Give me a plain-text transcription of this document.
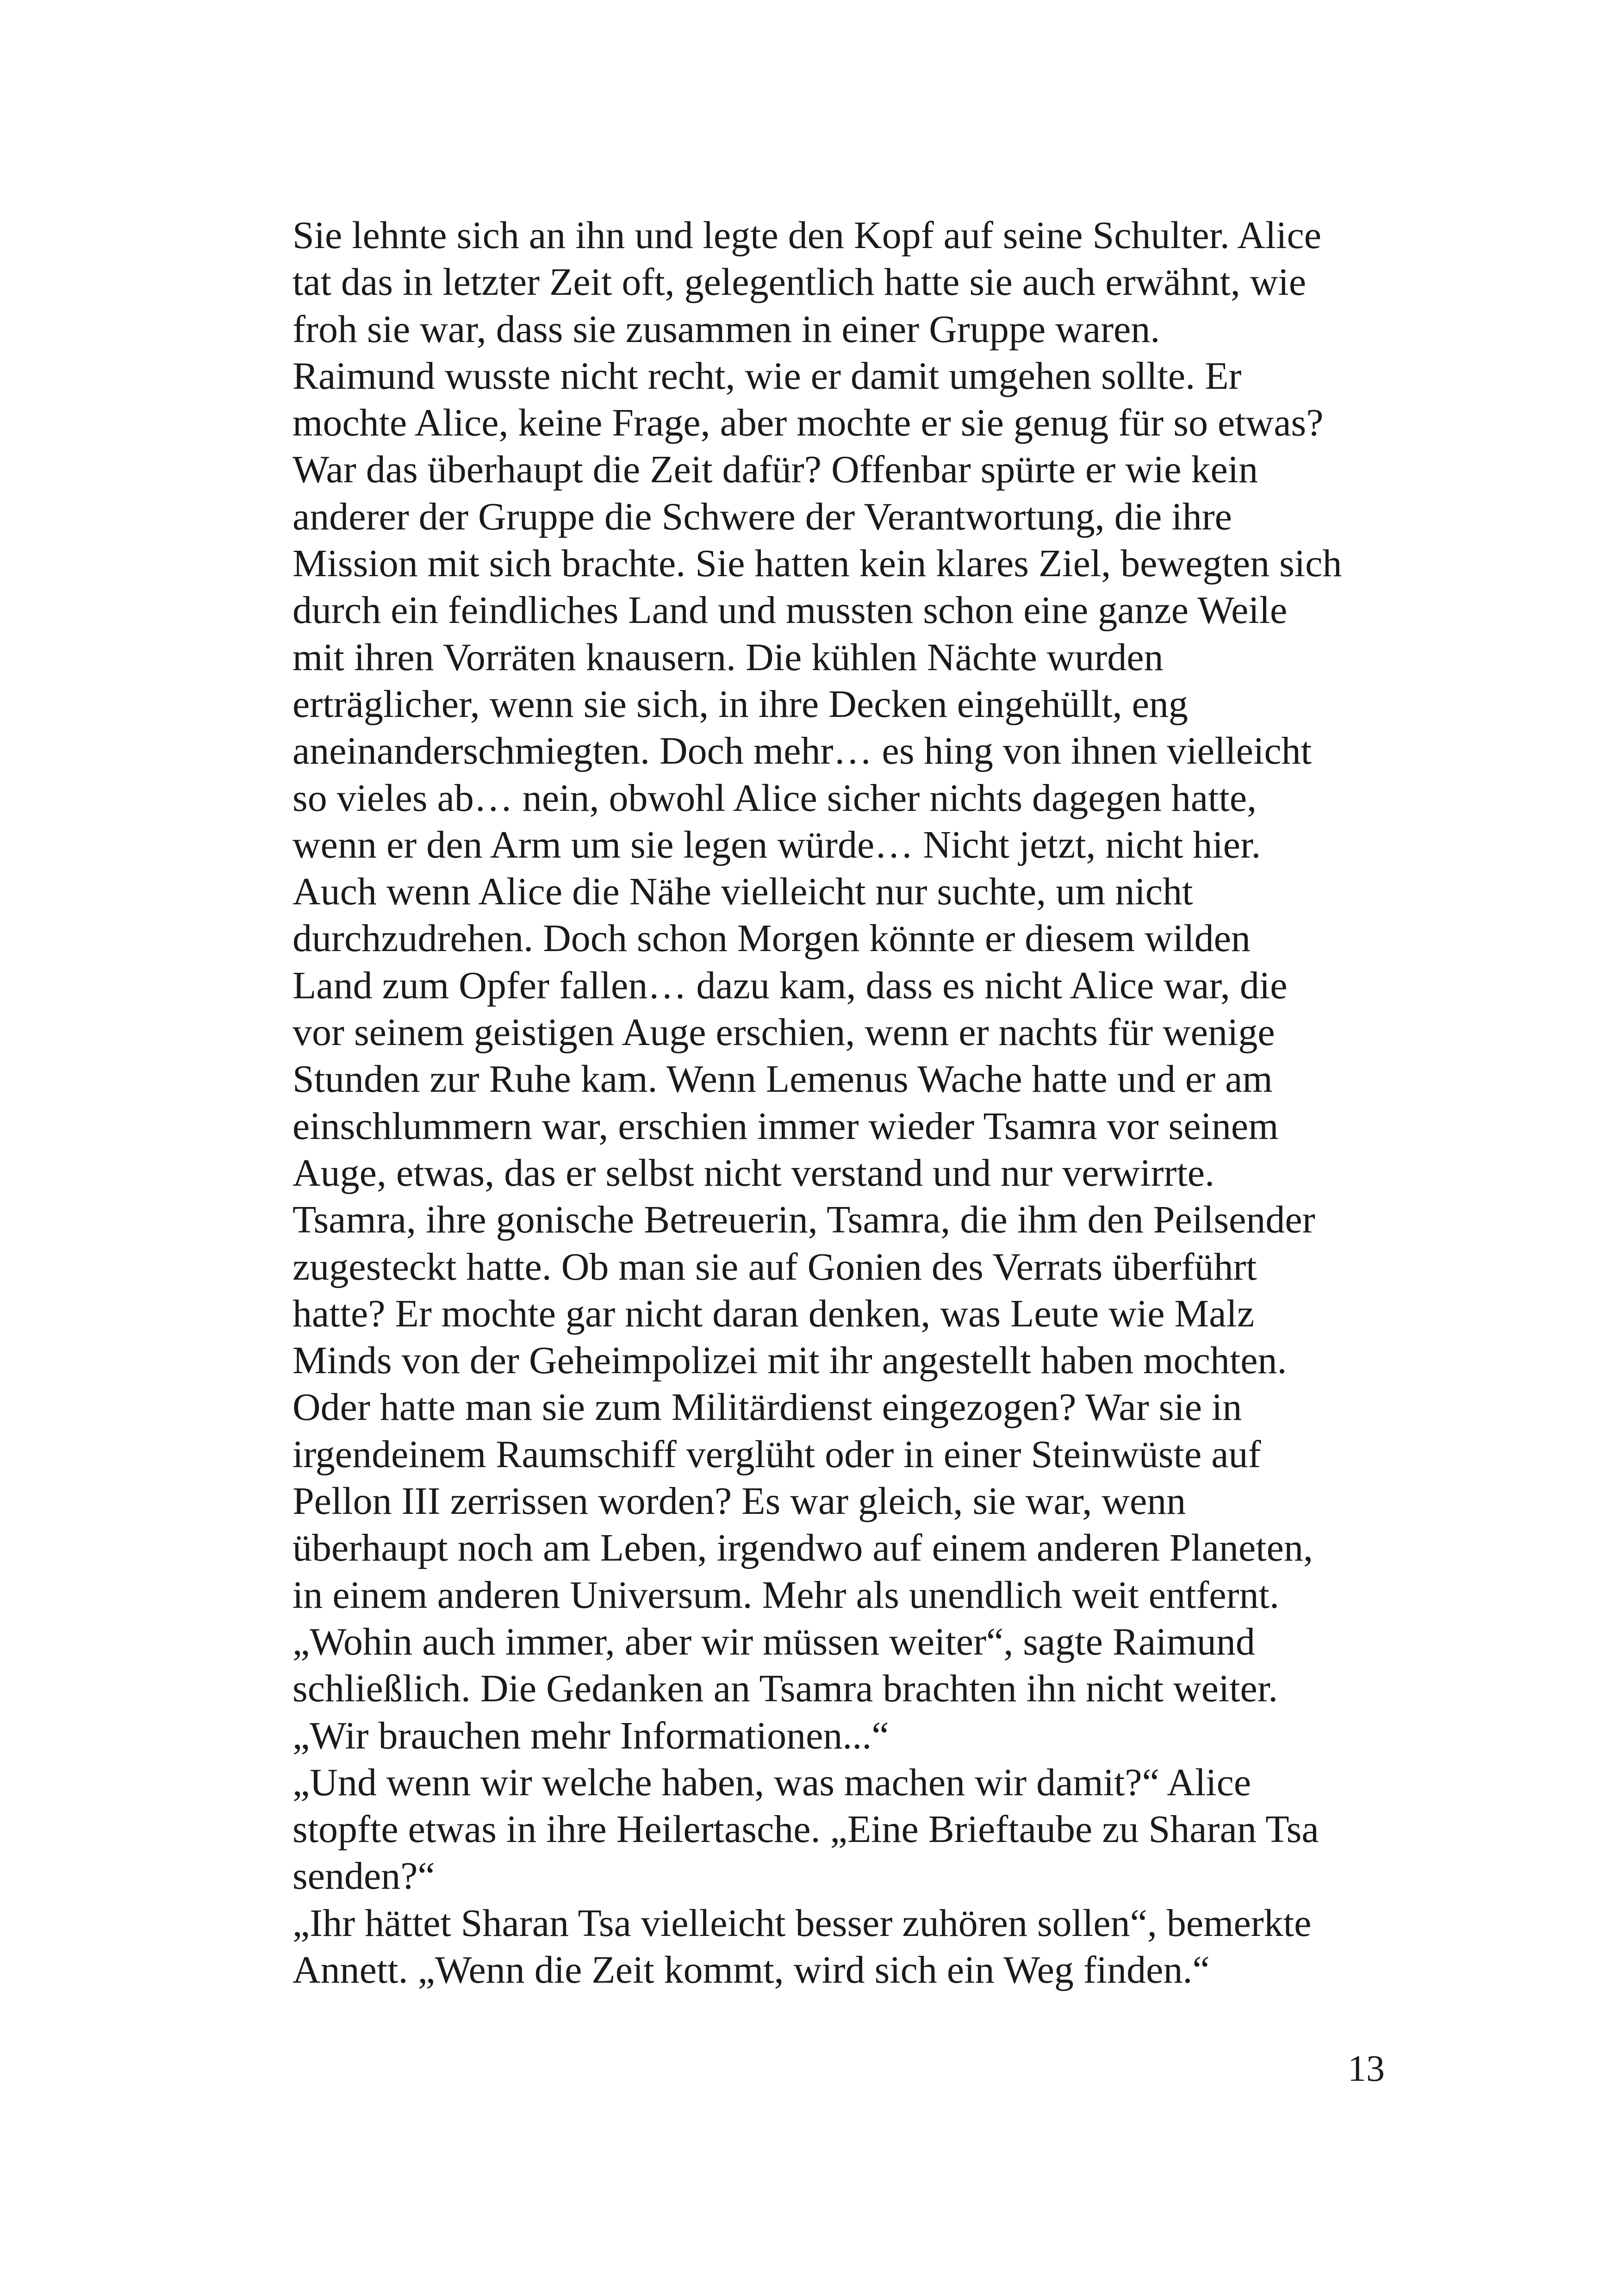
Sie lehnte sich an ihn und legte den Kopf auf seine Schulter. Alice
tat das in letzter Zeit oft, gelegentlich hatte sie auch erwähnt, wie
froh sie war, dass sie zusammen in einer Gruppe waren.
Raimund wusste nicht recht, wie er damit umgehen sollte. Er
mochte Alice, keine Frage, aber mochte er sie genug für so etwas?
War das überhaupt die Zeit dafür? Offenbar spürte er wie kein
anderer der Gruppe die Schwere der Verantwortung, die ihre
Mission mit sich brachte. Sie hatten kein klares Ziel, bewegten sich
durch ein feindliches Land und mussten schon eine ganze Weile
mit ihren Vorräten knausern. Die kühlen Nächte wurden
erträglicher, wenn sie sich, in ihre Decken eingehüllt, eng
aneinanderschmiegten. Doch mehr… es hing von ihnen vielleicht
so vieles ab… nein, obwohl Alice sicher nichts dagegen hatte,
wenn er den Arm um sie legen würde… Nicht jetzt, nicht hier.
Auch wenn Alice die Nähe vielleicht nur suchte, um nicht
durchzudrehen. Doch schon Morgen könnte er diesem wilden
Land zum Opfer fallen… dazu kam, dass es nicht Alice war, die
vor seinem geistigen Auge erschien, wenn er nachts für wenige
Stunden zur Ruhe kam. Wenn Lemenus Wache hatte und er am
einschlummern war, erschien immer wieder Tsamra vor seinem
Auge, etwas, das er selbst nicht verstand und nur verwirrte.
Tsamra, ihre gonische Betreuerin, Tsamra, die ihm den Peilsender
zugesteckt hatte. Ob man sie auf Gonien des Verrats überführt
hatte? Er mochte gar nicht daran denken, was Leute wie Malz
Minds von der Geheimpolizei mit ihr angestellt haben mochten.
Oder hatte man sie zum Militärdienst eingezogen? War sie in
irgendeinem Raumschiff verglüht oder in einer Steinwüste auf
Pellon III zerrissen worden? Es war gleich, sie war, wenn
überhaupt noch am Leben, irgendwo auf einem anderen Planeten,
in einem anderen Universum. Mehr als unendlich weit entfernt.
„Wohin auch immer, aber wir müssen weiter“, sagte Raimund
schließlich. Die Gedanken an Tsamra brachten ihn nicht weiter.
„Wir brauchen mehr Informationen...“
„Und wenn wir welche haben, was machen wir damit?“ Alice
stopfte etwas in ihre Heilertasche. „Eine Brieftaube zu Sharan Tsa
senden?“
„Ihr hättet Sharan Tsa vielleicht besser zuhören sollen“, bemerkte
Annett. „Wenn die Zeit kommt, wird sich ein Weg finden.“
13
